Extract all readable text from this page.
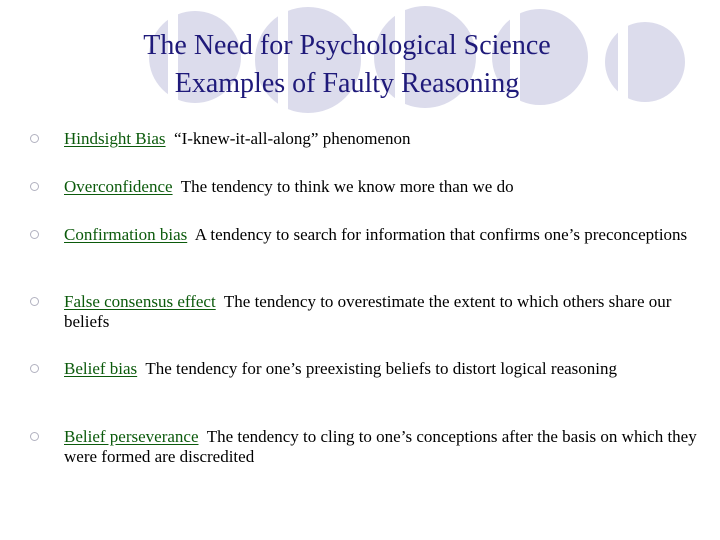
The Need for Psychological Science
Examples of Faulty Reasoning
Hindsight Bias “I-knew-it-all-along” phenomenon
Overconfidence The tendency to think we know more than we do
Confirmation bias A tendency to search for information that confirms one’s preconceptions
False consensus effect The tendency to overestimate the extent to which others share our beliefs
Belief bias The tendency for one’s preexisting beliefs to distort logical reasoning
Belief perseverance The tendency to cling to one’s conceptions after the basis on which they were formed are discredited
